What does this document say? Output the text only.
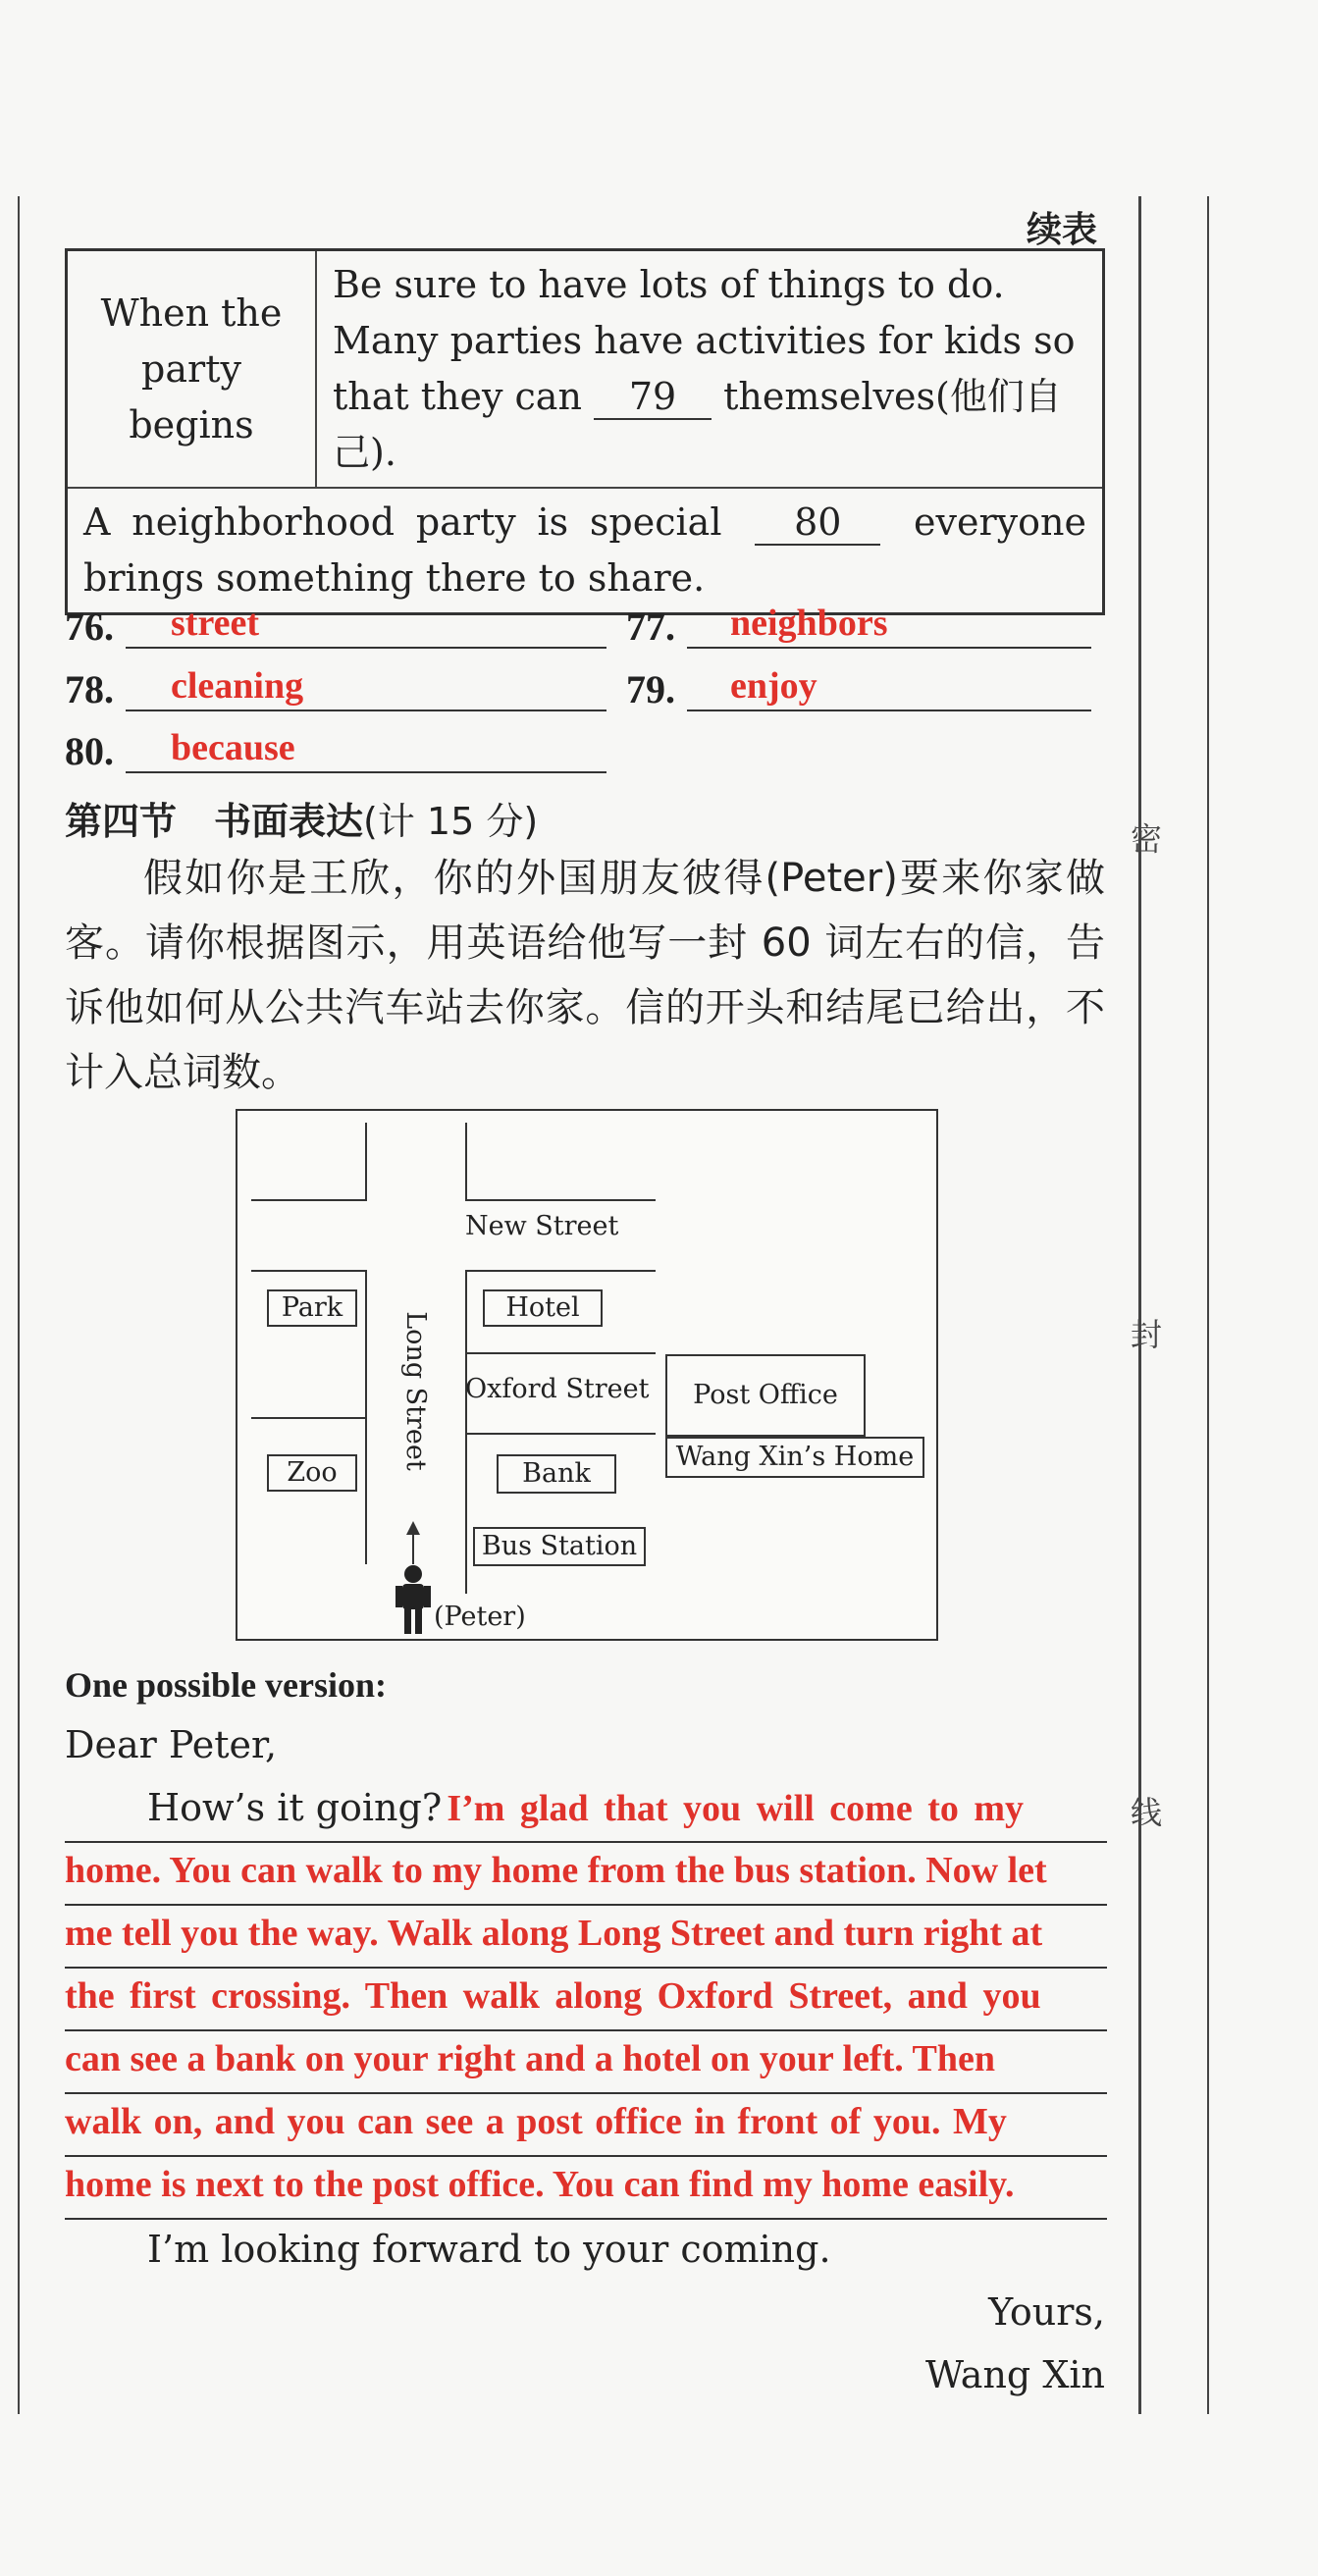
密
封
线
续表
When the party begins	Be sure to have lots of things to do. Many parties have activities for kids so that they can 79 themselves(他们自己).
A neighborhood party is special 80 everyone brings something there to share.
76. street	77. neighbors
78. cleaning	79. enjoy
80. because
第四节　书面表达(计 15 分)
假如你是王欣，你的外国朋友彼得(Peter)要来你家做客。请你根据图示，用英语给他写一封 60 词左右的信，告诉他如何从公共汽车站去你家。信的开头和结尾已给出，不计入总词数。
New Street
Oxford Street
Long Street
Park	Hotel
Post Office
Wang Xin’s Home
Zoo	Bank
Bus Station
(Peter)
One possible version:
Dear Peter,
How’s it going? I’m glad that you will come to my
home. You can walk to my home from the bus station. Now let
me tell you the way. Walk along Long Street and turn right at
the first crossing. Then walk along Oxford Street, and you
can see a bank on your right and a hotel on your left. Then
walk on, and you can see a post office in front of you. My
home is next to the post office. You can find my home easily.
I’m looking forward to your coming.
Yours,
Wang Xin
